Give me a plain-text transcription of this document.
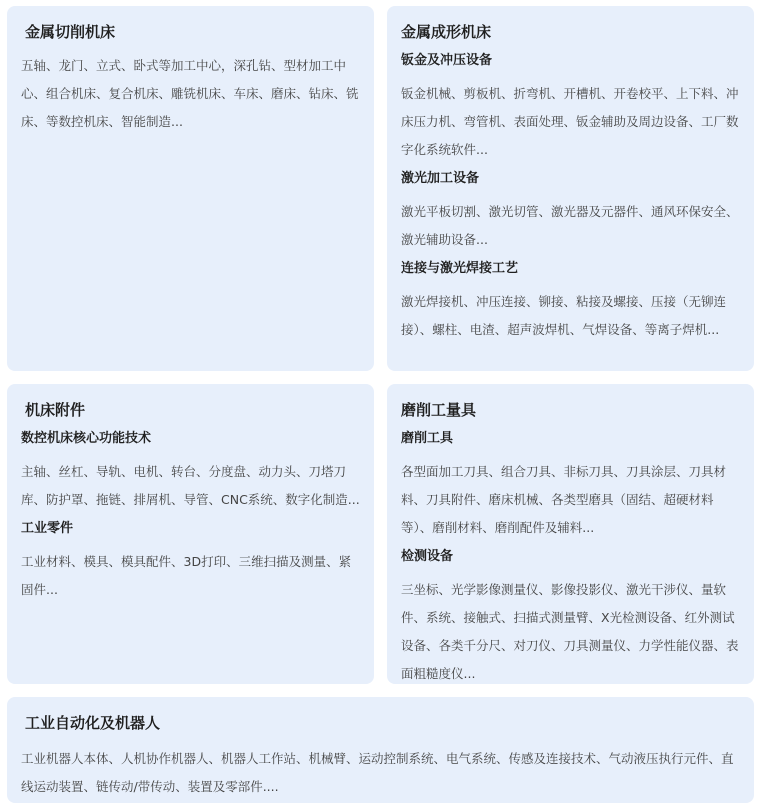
金属切削机床
五轴、龙门、立式、卧式等加工中心，深孔钻、型材加工中心、组合机床、复合机床、雕铣机床、车床、磨床、钻床、铣床、等数控机床、智能制造...
金属成形机床
钣金及冲压设备
钣金机械、剪板机、折弯机、开槽机、开卷校平、上下料、冲床压力机、弯管机、表面处理、钣金辅助及周边设备、工厂数字化系统软件...
激光加工设备
激光平板切割、激光切管、激光器及元器件、通风环保安全、激光辅助设备...
连接与激光焊接工艺
激光焊接机、冲压连接、铆接、粘接及螺接、压接（无铆连接）、螺柱、电渣、超声波焊机、气焊设备、等离子焊机...
机床附件
数控机床核心功能技术
主轴、丝杠、导轨、电机、转台、分度盘、动力头、刀塔刀库、防护罩、拖链、排屑机、导管、CNC系统、数字化制造...
工业零件
工业材料、模具、模具配件、3D打印、三维扫描及测量、紧固件...
磨削工量具
磨削工具
各型面加工刀具、组合刀具、非标刀具、刀具涂层、刀具材料、刀具附件、磨床机械、各类型磨具（固结、超硬材料等）、磨削材料、磨削配件及辅料...
检测设备
三坐标、光学影像测量仪、影像投影仪、激光干涉仪、量软件、系统、接触式、扫描式测量臂、X光检测设备、红外测试设备、各类千分尺、对刀仪、刀具测量仪、力学性能仪器、表面粗糙度仪...
工业自动化及机器人
工业机器人本体、人机协作机器人、机器人工作站、机械臂、运动控制系统、电气系统、传感及连接技术、气动液压执行元件、直线运动装置、链传动/带传动、装置及零部件....
